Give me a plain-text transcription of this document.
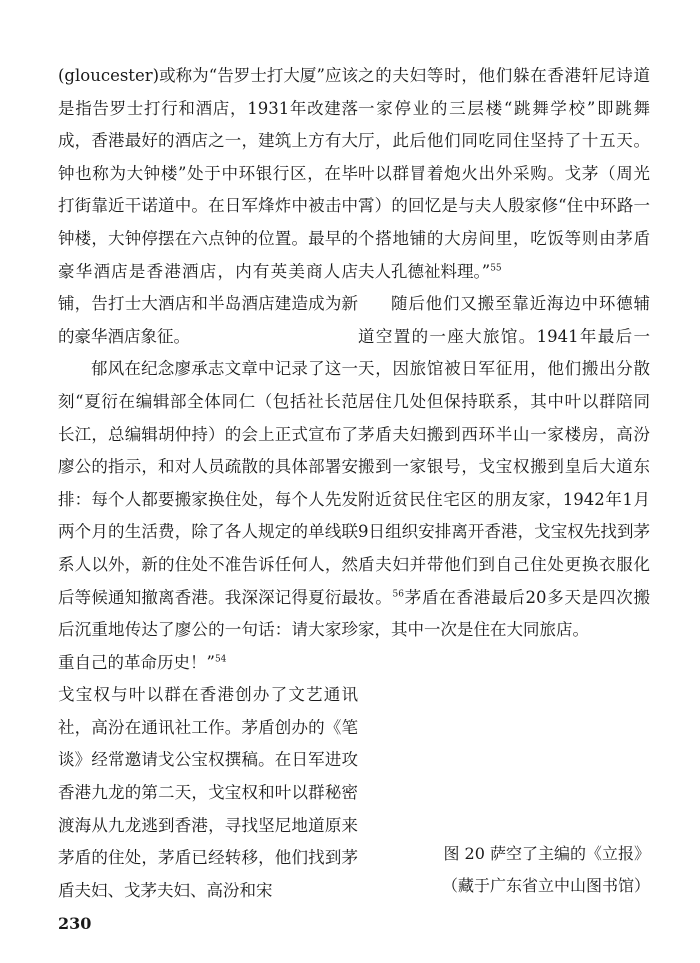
(gloucester)或称为“告罗士打大厦”应该是指告罗士打行和酒店，1931年改建落成，香港最好的酒店之一，建筑上方有大钟也称为大钟楼”处于中环银行区，在毕打街靠近干诺道中。在日军烽炸中被击中钟楼，大钟停摆在六点钟的位置。最早的豪华酒店是香港酒店，内有英美商人店铺，告打士大酒店和半岛酒店建造成为新的豪华酒店象征。

郁风在纪念廖承志文章中记录了这一刻“夏衍在编辑部全体同仁（包括社长范长江，总编辑胡仲持）的会上正式宣布了廖公的指示，和对人员疏散的具体部署安排：每个人都要搬家换住处，每个人先发两个月的生活费，除了各人规定的单线联系人以外，新的住处不准告诉任何人，然后等候通知撤离香港。我深深记得夏衍最后沉重地传达了廖公的一句话：请大家珍重自己的革命历史！”$^{54}$

戈宝权与叶以群在香港创办了文艺通讯社，高汾在通讯社工作。茅盾创办的《笔谈》经常邀请戈公宝权撰稿。在日军进攻香港九龙的第二天，戈宝权和叶以群秘密渡海从九龙逃到香港，寻找坚尼地道原来茅盾的住处，茅盾已经转移，他们找到茅盾夫妇、戈茅夫妇、高汾和宋

之的夫妇等时，他们躲在香港轩尼诗道一家停业的三层楼“跳舞学校”即跳舞厅，此后他们同吃同住坚持了十五天。叶以群冒着炮火出外采购。戈茅（周光霄）的回忆是与夫人殷家修“住中环路一个搭地铺的大房间里，吃饭等则由茅盾夫人孔德祉料理。”$^{55}$

随后他们又搬至靠近海边中环德辅道空置的一座大旅馆。1941年最后一天，因旅馆被日军征用，他们搬出分散居住几处但保持联系，其中叶以群陪同茅盾夫妇搬到西环半山一家楼房，高汾搬到一家银号，戈宝权搬到皇后大道东附近贫民住宅区的朋友家，1942年1月9日组织安排离开香港，戈宝权先找到茅盾夫妇并带他们到自己住处更换衣服化妆。$^{56}$茅盾在香港最后20多天是四次搬家，其中一次是住在大同旅店。

图 20 萨空了主编的《立报》
（藏于广东省立中山图书馆）
230
